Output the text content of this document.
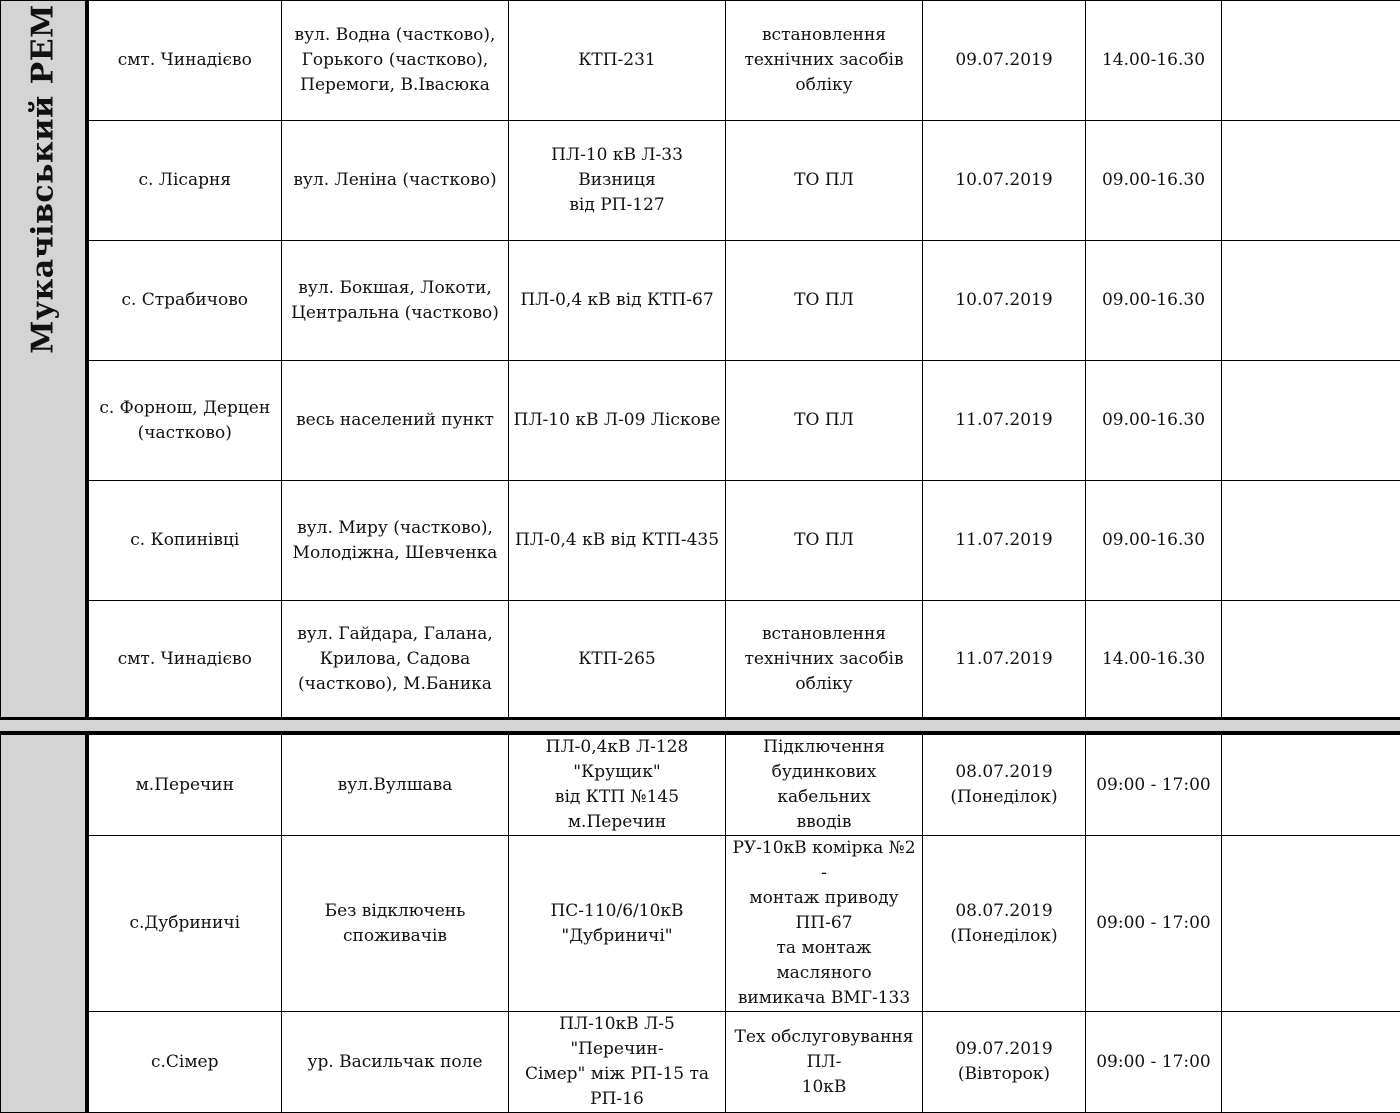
Мукачівський РЕМ	смт. Чинадієво	вул. Водна (частково),
Горького (частково),
Перемоги, В.Івасюка	КТП-231	встановлення
технічних засобів
обліку	09.07.2019	14.00-16.30	

	с. Лісарня	вул. Леніна (частково)	ПЛ-10 кВ Л-33 Визниця
від РП-127	ТО ПЛ	10.07.2019	09.00-16.30	

	с. Страбичово	вул. Бокшая, Локоти,
Центральна (частково)	ПЛ-0,4 кВ від КТП-67	ТО ПЛ	10.07.2019	09.00-16.30	

	с. Форнош, Дерцен
(частково)	весь населений пункт	ПЛ-10 кВ Л-09 Ліскове	ТО ПЛ	11.07.2019	09.00-16.30	

	с. Копинівці	вул. Миру (частково),
Молодіжна, Шевченка	ПЛ-0,4 кВ від КТП-435	ТО ПЛ	11.07.2019	09.00-16.30	

	смт. Чинадієво	вул. Гайдара, Галана,
Крилова, Садова
(частково), М.Баника	КТП-265	встановлення
технічних засобів
обліку	11.07.2019	14.00-16.30	

	м.Перечин	вул.Вулшава	ПЛ-0,4кВ Л-128 "Крущик"
від КТП №145 м.Перечин	Підключення
будинкових кабельних
вводів	08.07.2019
(Понеділок)	09:00 - 17:00	

	с.Дубриничі	Без відключень споживачів	ПС-110/6/10кВ
"Дубриничі"	РУ-10кВ комірка №2 -
монтаж приводу ПП-67
та монтаж масляного
вимикача ВМГ-133	08.07.2019
(Понеділок)	09:00 - 17:00	

	с.Сімер	ур. Васильчак поле	ПЛ-10кВ Л-5 "Перечин-
Сімер" між РП-15 та РП-16	Тех обслуговування ПЛ-
10кВ	09.07.2019
(Вівторок)	09:00 - 17:00	
